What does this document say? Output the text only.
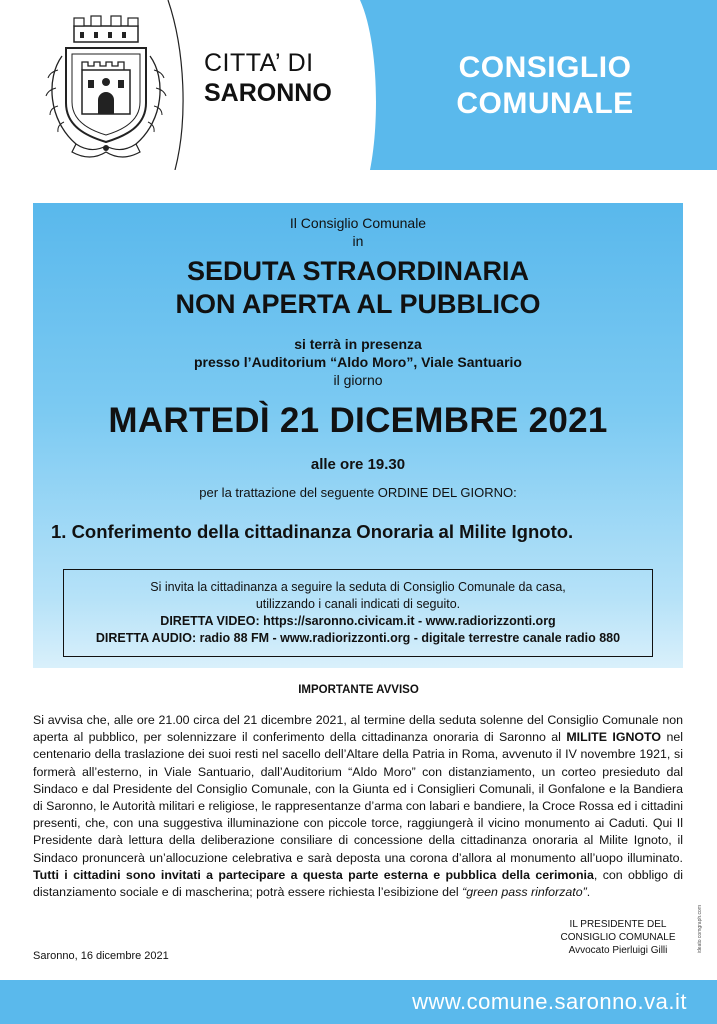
CITTA’ DI
SARONNO
CONSIGLIO
COMUNALE
Il Consiglio Comunale
in
SEDUTA STRAORDINARIA
NON APERTA AL PUBBLICO
si terrà in presenza
presso l’Auditorium “Aldo Moro”, Viale Santuario
il giorno
MARTEDÌ 21 DICEMBRE 2021
alle ore 19.30
per la trattazione del seguente ORDINE DEL GIORNO:
1. Conferimento della cittadinanza Onoraria al Milite Ignoto.
Si invita la cittadinanza a seguire la seduta di Consiglio Comunale da casa,
utilizzando i canali indicati di seguito.
DIRETTA VIDEO: https://saronno.civicam.it - www.radiorizzonti.org
DIRETTA AUDIO: radio 88 FM - www.radiorizzonti.org - digitale terrestre canale radio 880
IMPORTANTE AVVISO
Si avvisa che, alle ore 21.00 circa del 21 dicembre 2021, al termine della seduta solenne del Consiglio Comunale non aperta al pubblico, per solennizzare il conferimento della cittadinanza onoraria di Saronno al MILITE IGNOTO nel centenario della traslazione dei suoi resti nel sacello dell’Altare della Patria in Roma, avvenuto il IV novembre 1921, si formerà all’esterno, in Viale Santuario, dall’Auditorium “Aldo Moro” con distanziamento, un corteo presieduto dal Sindaco e dal Presidente del Consiglio Comunale, con la Giunta ed i Consiglieri Comunali, il Gonfalone e la Bandiera di Saronno, le Autorità militari e religiose, le rappresentanze d’arma con labari e bandiere, la Croce Rossa ed i cittadini presenti, che, con una suggestiva illuminazione con piccole torce, raggiungerà il vicino monumento ai Caduti. Qui Il Presidente darà lettura della deliberazione consiliare di concessione della cittadinanza onoraria al Milite Ignoto, il Sindaco pronuncerà un’allocuzione celebrativa e sarà deposta una corona d’allora al monumento all’uopo illuminato. Tutti i cittadini sono invitati a partecipare a questa parte esterna e pubblica della cerimonia, con obbligo di distanziamento sociale e di mascherina; potrà essere richiesta l’esibizione del “green pass rinforzato”.
IL PRESIDENTE DEL
CONSIGLIO COMUNALE
Avvocato Pierluigi Gilli
Saronno, 16 dicembre 2021
ideato comgraph.com
www.comune.saronno.va.it
